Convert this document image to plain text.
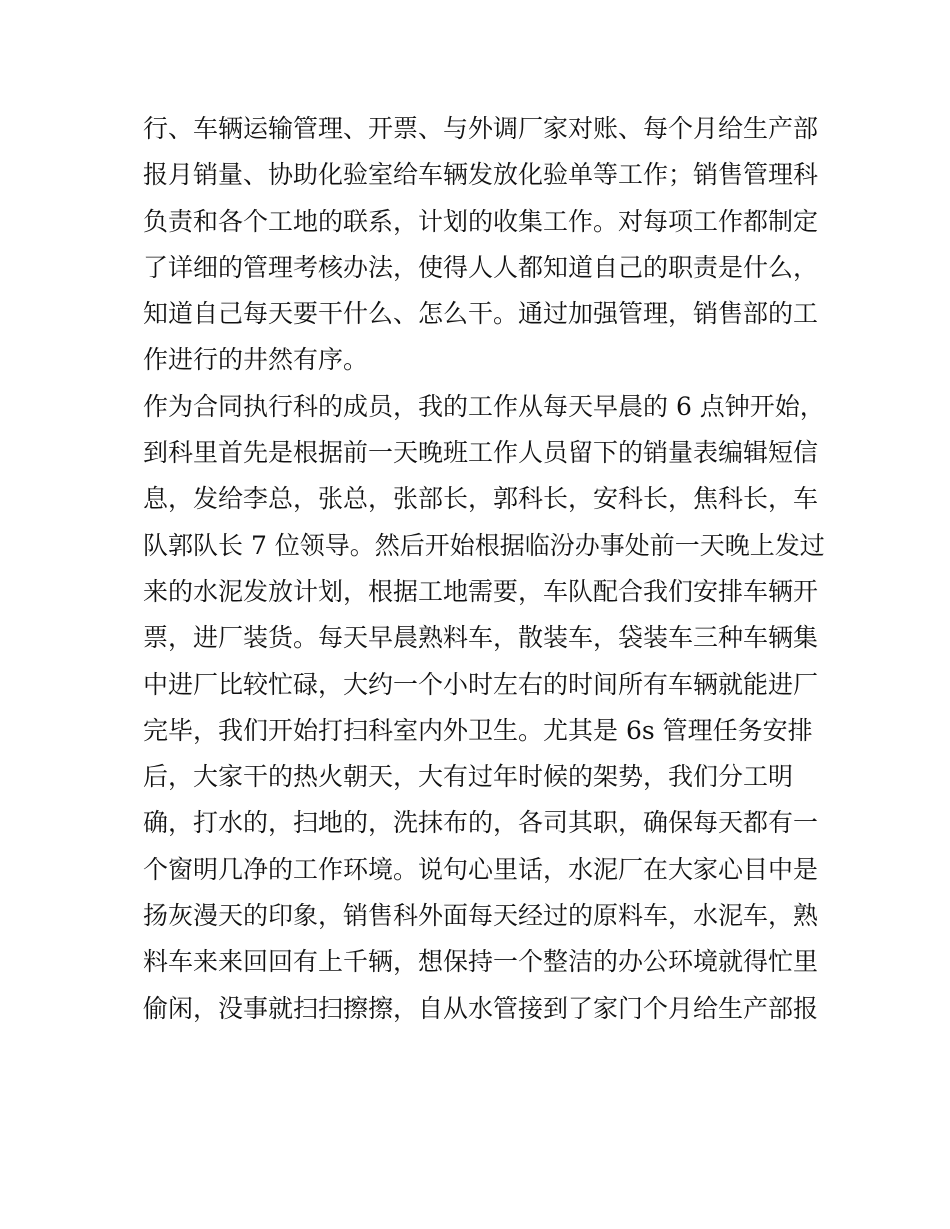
行、车辆运输管理、开票、与外调厂家对账、每个月给生产部
报月销量、协助化验室给车辆发放化验单等工作；销售管理科
负责和各个工地的联系，计划的收集工作。对每项工作都制定
了详细的管理考核办法，使得人人都知道自己的职责是什么，
知道自己每天要干什么、怎么干。通过加强管理，销售部的工
作进行的井然有序。
作为合同执行科的成员，我的工作从每天早晨的 6 点钟开始，
到科里首先是根据前一天晚班工作人员留下的销量表编辑短信
息，发给李总，张总，张部长，郭科长，安科长，焦科长，车
队郭队长 7 位领导。然后开始根据临汾办事处前一天晚上发过
来的水泥发放计划，根据工地需要，车队配合我们安排车辆开
票，进厂装货。每天早晨熟料车，散装车，袋装车三种车辆集
中进厂比较忙碌，大约一个小时左右的时间所有车辆就能进厂
完毕，我们开始打扫科室内外卫生。尤其是 6s 管理任务安排
后，大家干的热火朝天，大有过年时候的架势，我们分工明
确，打水的，扫地的，洗抹布的，各司其职，确保每天都有一
个窗明几净的工作环境。说句心里话，水泥厂在大家心目中是
扬灰漫天的印象，销售科外面每天经过的原料车，水泥车，熟
料车来来回回有上千辆，想保持一个整洁的办公环境就得忙里
偷闲，没事就扫扫擦擦，自从水管接到了家门个月给生产部报
